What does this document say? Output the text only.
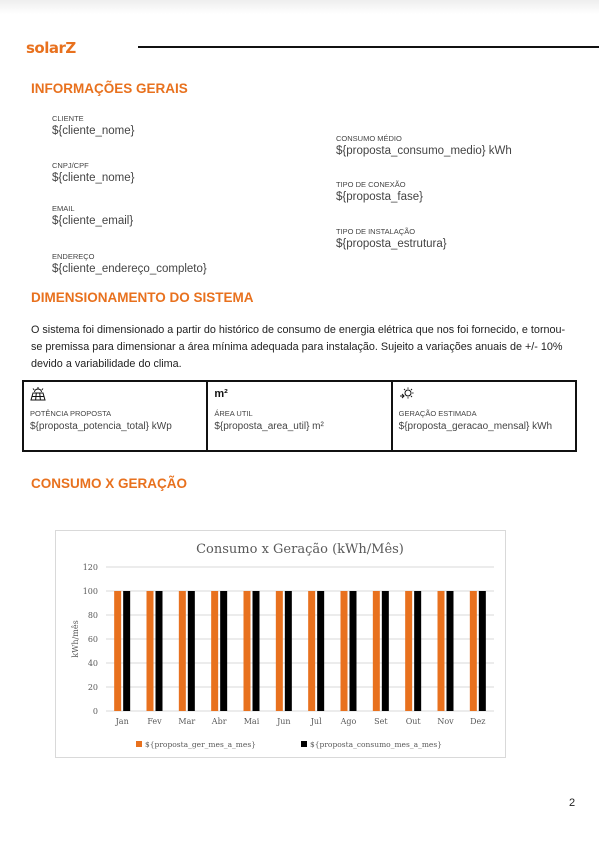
solarZ
INFORMAÇÕES GERAIS
CLIENTE
${cliente_nome}
CNPJ/CPF
${cliente_nome}
EMAIL
${cliente_email}
ENDEREÇO
${cliente_endereço_completo}
CONSUMO MÉDIO
${proposta_consumo_medio} kWh
TIPO DE CONEXÃO
${proposta_fase}
TIPO DE INSTALAÇÃO
${proposta_estrutura}
DIMENSIONAMENTO DO SISTEMA
O sistema foi dimensionado a partir do histórico de consumo de energia elétrica que nos foi fornecido, e tornou-se premissa para dimensionar a área mínima adequada para instalação. Sujeito a variações anuais de +/- 10% devido a variabilidade do clima.
POTÊNCIA PROPOSTA
${proposta_potencia_total} kWp
m²
ÁREA UTIL
${proposta_area_util} m²
GERAÇÃO ESTIMADA
${proposta_geracao_mensal} kWh
CONSUMO X GERAÇÃO
Consumo x Geração (kWh/Mês)
0
20
40
60
80
100
120
kWh/mês
Jan Fev Mar Abr Mai Jun	Jul Ago Set Out Nov Dez
${proposta_ger_mes_a_mes}	${proposta_consumo_mes_a_mes}
2
